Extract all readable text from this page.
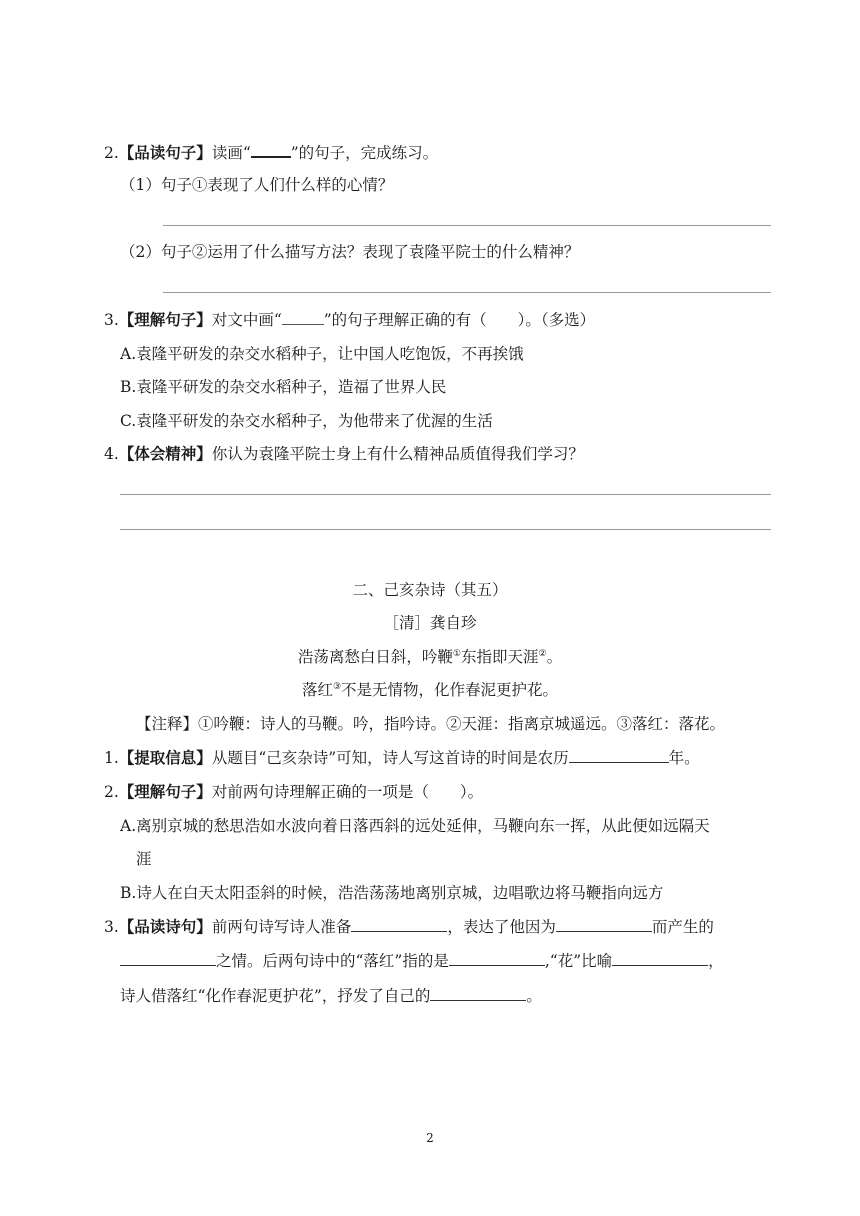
2.【品读句子】读画“	”的句子，完成练习。
（1）句子①表现了人们什么样的心情？
（2）句子②运用了什么描写方法？表现了袁隆平院士的什么精神？
3.【理解句子】对文中画“	”的句子理解正确的有（　　）。（多选）
A.袁隆平研发的杂交水稻种子，让中国人吃饱饭，不再挨饿
B.袁隆平研发的杂交水稻种子，造福了世界人民
C.袁隆平研发的杂交水稻种子，为他带来了优渥的生活
4.【体会精神】你认为袁隆平院士身上有什么精神品质值得我们学习？
二、己亥杂诗（其五）
［清］龚自珍
浩荡离愁白日斜，吟鞭①东指即天涯②。
落红③不是无情物，化作春泥更护花。
【注释】①吟鞭：诗人的马鞭。吟，指吟诗。②天涯：指离京城遥远。③落红：落花。
1.【提取信息】从题目“己亥杂诗”可知，诗人写这首诗的时间是农历	年。
2.【理解句子】对前两句诗理解正确的一项是（　　）。
A.离别京城的愁思浩如水波向着日落西斜的远处延伸，马鞭向东一挥，从此便如远隔天
涯
B.诗人在白天太阳歪斜的时候，浩浩荡荡地离别京城，边唱歌边将马鞭指向远方
3.【品读诗句】前两句诗写诗人准备	，表达了他因为	而产生的
之情。后两句诗中的“落红”指的是	,“花”比喻	，
诗人借落红“化作春泥更护花”，抒发了自己的	。
2
